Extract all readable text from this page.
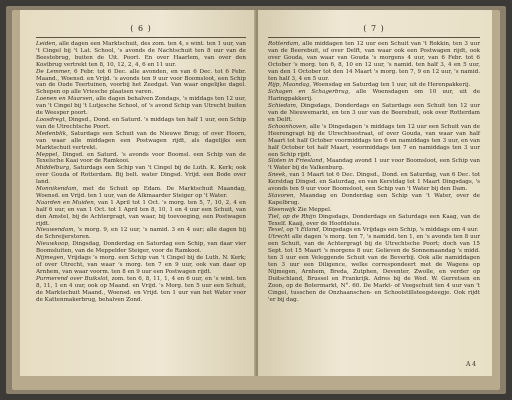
( 6 )

Leiden, alle dagen een Marktschuit, des zom. ten 4, s wint. ten 1 uur, van 't Cingel bij 't Lat. School, 's avonds de Nachtschuit ten 8 uur van de Beestebrug, buiten de Uit. Poort. En over Haarlem, van over den Kostbrug vertrekt ten 8, 10, 12, 2, 4, 6 en 11 uur.

De Lemmer, 6 Febr. tot 6 Dec. alle avonden, en van 6 Dec. tot 6 Febr. Maand., Woensd. en Vrijd. 's avonds ten 9 uur voor Boomsloot, een Schip van de Oude Teertuinen, voorbij het Zeedgat. Van waar ongelijke dagel. Schepen op alle Vriesche plaatsen varen.

Loenen en Maarsen, alle dagen behalven Zondags, 's middags ten 12 uur, van 't Cingel bij 't Lutjesche School, of 's avond Schip van Utrecht buiten de Weesper poort.

Loosdregt, Dingsd., Dond. en Saturd. 's middags ten half 1 uur, een Schip van de Utrechtsche Poort.

Medenblik, Saturdags een Schuit van de Nieuwe Brug; of over Hoorn, van waar alle middagen een Postwagen rijdt, als dagelijks een Marktschuit vertrekt.

Meppel, Dingsd. en Saturd. 's avonds voor Boomsl. een Schip van de Texelsche Kaai voor de Ramkooi.

Middelburg, Saturdags een Schip van 't Cingel bij de Luth. K. Kerk; ook over Gouda of Rotterdam. Bij belt. water Dingsd. Vrijd. een Bode over land.

Monnikendam, met de Schuit op Edam. De Marktschuit Maandag, Woensd. en Vrijd. ten 1 uur, van de Alkmaarder Steiger op 't Water.

Naarden en Muiden, van 1 April tot 1 Oct. 's morg. ten 5, 7, 10, 2, 4 en half 6 uur, en van 1 Oct. tot 1 April ten 8, 10, 1 en 4 uur een Schuit, van den Amstel, bij de Achtergragt, van waar, bij toevoeging, een Postwagen rijdt.

Nieuwendam, 's morg. 9, en 12 uur, 's namid. 3 en 4 uur; alle dagen bij de Schreijerstoren.

Nieuwkoop, Dingsdag, Donderdag en Saturdag een Schip, van daar vier Boomsluiten, van de Meppelder Steiger, voor de Ramkooi.

Nijmegen, Vrijdags 's morg. een Schip van 't Cingel bij de Luth. N. Kerk; of over Utrecht, van waar 's morg. ten 7 en 9 uur, ook van daar op Arnhem, van waar voorm. ten 8 en 9 uur een Postwagen rijdt.

Purmerend over Buikslot, zom. ten 6, 8, 11, 1, 4 en 6 uur, en 's wint. ten 8, 11, 1 en 4 uur, ook op Maand. en Vrijd. 's Morg. ten 5 uur een Schuit, de Marktschuit Maand., Woensd. en Vrijd. ten 1 uur van het Water voor de Kattenmakerbrug, behalven Zond.

( 7 )

Rotterdam, alle middagen ten 12 uur een Schuit van 't Rokkin, ten 3 uur van de Beerebuit, of over Delft, van waar ook een Postwagen rijdt, ook over Gouda, van waar van Gouda 's morgens 4 uur, van 6 Febr. tot 6 October 's morg. ten 6, 8, 10 en 12 uur, 's namid. ten half 3, 4 en 5 uur, van den 1 October tot den 14 Maart 's morg. ten 7, 9 en 12 uur, 's namid. ten half 3, 4 en 5 uur.

Rijp, Maandag, Woensdag en Saturdag ten 1 uur, uit de Herenpakkerij.

Schagen en Schagerbrug, alle Woensdagen om 10 uur, uit de Haringpakkerij.

Schiedam, Dingsdags, Donderdags en Saturdags een Schuit ten 12 uur van de Nieuwemarkt, en ten 3 uur van de Beerebuit, ook over Rotterdam en Delft.

Schoonhoven, alle 's Dingsdagen 's middags ten 12 uur een Schuit van de Heerengragt bij de Utrechtsestraat, of over Gouda, van waar van half Maart tot half October voormiddags ten 6 en namiddags ten 3 uur, en van half October tot half Maart, voormiddags ten 7 en namiddags ten 3 uur een Schip rijdt.

Sloten in Friesland, Maandag avond 1 uur voor Boomsloot, een Schip van 't Water bij de Valkenburg.

Sneek, van 1 Maart tot 6 Dec. Dingsd., Dond. en Saturdag, van 6 Dec. tot Kerstdag Dingsd. en Saturdag, en van Kerstdag tot 1 Maart Dingsdags, 's avonds ten 9 uur voor Boomsloot, een Schip van 't Water bij den Dam.

Stavoren, Maandag en Donderdag een Schip van 't Water, over de Kapelbrug.

Steenwijk Zie Meppel.

Tiel, op de Rhijn Dingsdags, Donderdags en Saturdags een Kaag, van de Texelf. Kaaij, over de Hoofdsluis.

Texel, op 't Eiland, Dingsdags en Vrijdags een Schip, 's middags om 4 uur.

Utrecht alle dagen 's morg. ten 7, 's namidd. ten 1, en 's avonds ten 8 uur een Schuit, van de Achtergragt bij de Utrechtsche Poort; doch van 15 Sept. tot 15 Maart 's morgens 8 uur. Gelieven de Sonnemaandag 's midd. ten 3 uur een Veleggende Schuit van de Beverbij. Ook alle namiddagen ten 3 uur een Diligence, welke correspondeert met de Wagens op Nijmegen, Arnhem, Breda, Zutphen, Deventer, Zwolle, en verder op Duitschland, Brussel en Frankrijk. Adres bij de Wed. W. Gerretsen en Zoon, op de Botermarkt, N°. 60. De Markt- of Veegschuit ten 4 uur van 't Cingel, tusschen de Onzhaanschen- en Schoolstillsteegsteegje. Ook rijdt 'er bij dag.

A 4
